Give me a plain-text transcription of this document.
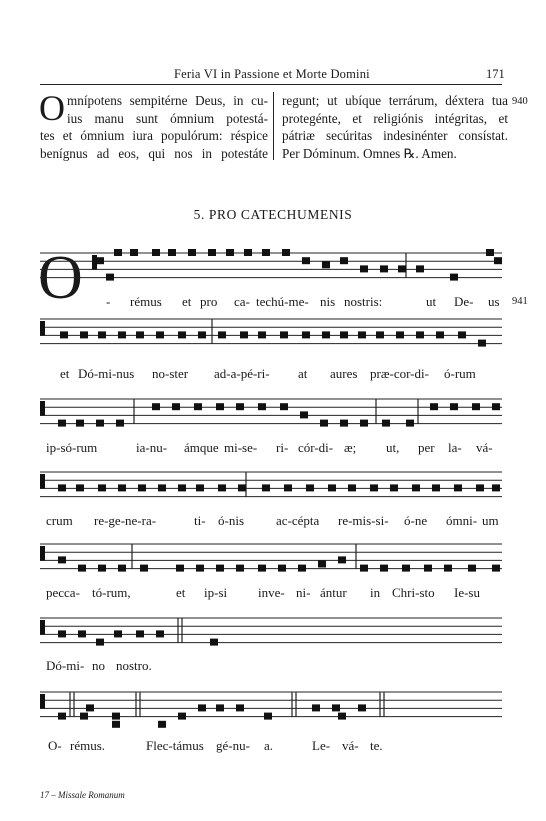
Feria VI in Passione et Morte Domini	171
O mnípotens sempitérne Deus, in cu-
ius manu sunt ómnium potestá-
tes et ómnium iura populórum: réspice
benígnus ad eos, qui nos in potestáte
regunt; ut ubíque terrárum, déxtera tua
protegénte, et religiónis intégritas, et
pátriæ secúritas indesinénter consístat.
Per Dóminum. Omnes ℞. Amen.
940
5. PRO CATECHUMENIS
O	941
- rémus et pro ca- techú-me- nis nostris:	ut De- us
et Dó-mi-nus no-ster ad-a-pé-ri- at aures præ-cor-di- ó-rum
ip-só-rum	ia-nu- ámque mi-se- ri- cór-di- æ; ut, per la- vá-
crum re-ge-ne-ra-	ti- ó-nis ac-cépta re-mis-si- ó-ne ómni- um
pecca- tó-rum,	et ip-si inve- ni- ántur in Chri-sto Ie-su
Dó-mi- no nostro.
O- rémus.	Flec-támus gé-nu- a.	Le- vá- te.
17 – Missale Romanum
